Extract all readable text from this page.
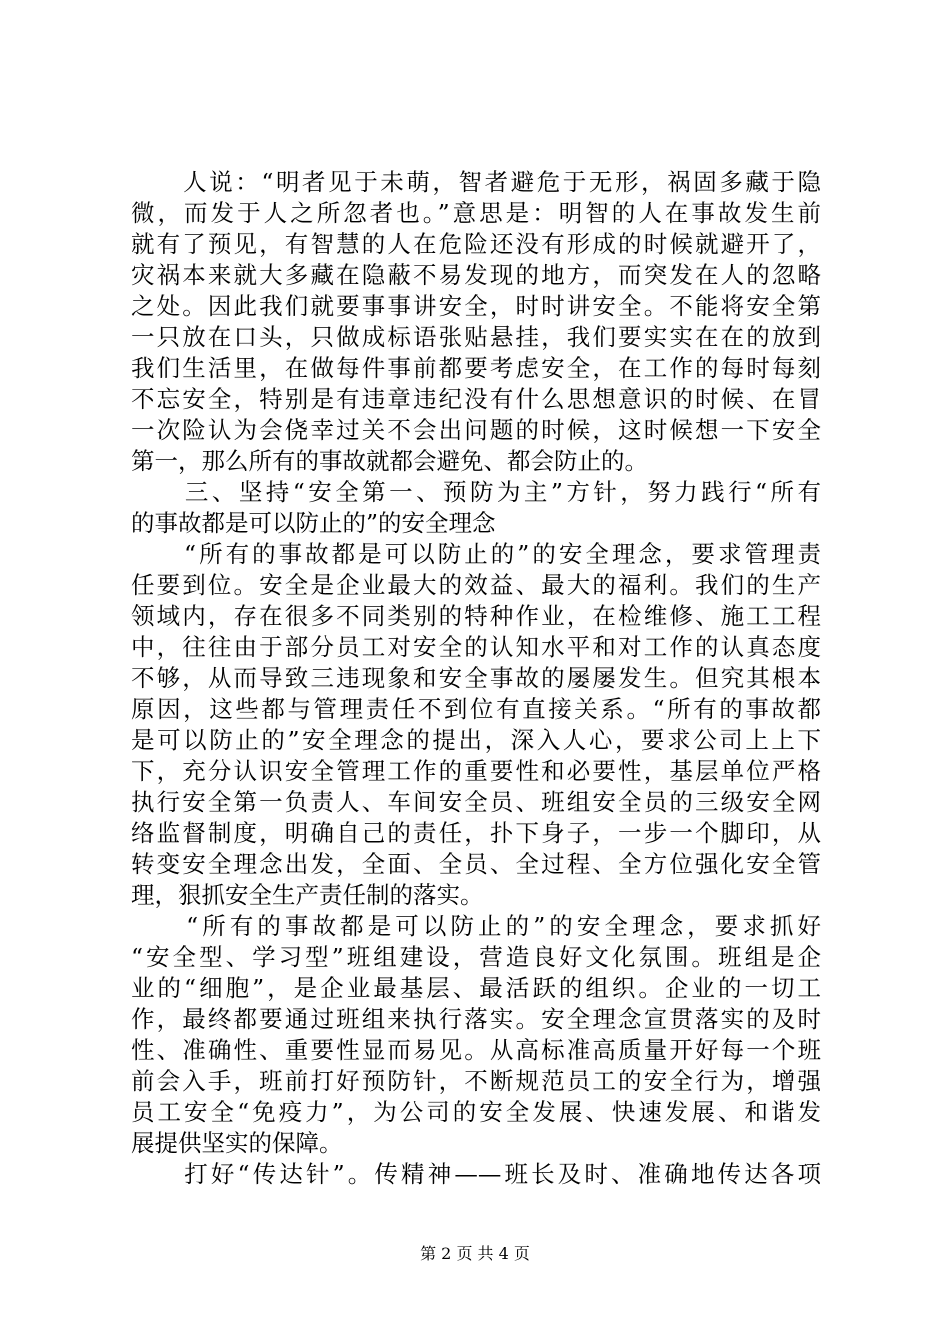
　　人说：“明者见于未萌，智者避危于无形，祸固多藏于隐
微，而发于人之所忽者也。”意思是：明智的人在事故发生前
就有了预见，有智慧的人在危险还没有形成的时候就避开了，
灾祸本来就大多藏在隐蔽不易发现的地方，而突发在人的忽略
之处。因此我们就要事事讲安全，时时讲安全。不能将安全第
一只放在口头，只做成标语张贴悬挂，我们要实实在在的放到
我们生活里，在做每件事前都要考虑安全，在工作的每时每刻
不忘安全，特别是有违章违纪没有什么思想意识的时候、在冒
一次险认为会侥幸过关不会出问题的时候，这时候想一下安全
第一，那么所有的事故就都会避免、都会防止的。
　　三、坚持“安全第一、预防为主”方针，努力践行“所有
的事故都是可以防止的”的安全理念
　　“所有的事故都是可以防止的”的安全理念，要求管理责
任要到位。安全是企业最大的效益、最大的福利。我们的生产
领域内，存在很多不同类别的特种作业，在检维修、施工工程
中，往往由于部分员工对安全的认知水平和对工作的认真态度
不够，从而导致三违现象和安全事故的屡屡发生。但究其根本
原因，这些都与管理责任不到位有直接关系。“所有的事故都
是可以防止的”安全理念的提出，深入人心，要求公司上上下
下，充分认识安全管理工作的重要性和必要性，基层单位严格
执行安全第一负责人、车间安全员、班组安全员的三级安全网
络监督制度，明确自己的责任，扑下身子，一步一个脚印，从
转变安全理念出发，全面、全员、全过程、全方位强化安全管
理，狠抓安全生产责任制的落实。
　　“所有的事故都是可以防止的”的安全理念，要求抓好
“安全型、学习型”班组建设，营造良好文化氛围。班组是企
业的“细胞”，是企业最基层、最活跃的组织。企业的一切工
作，最终都要通过班组来执行落实。安全理念宣贯落实的及时
性、准确性、重要性显而易见。从高标准高质量开好每一个班
前会入手，班前打好预防针，不断规范员工的安全行为，增强
员工安全“免疫力”，为公司的安全发展、快速发展、和谐发
展提供坚实的保障。
　　打好“传达针”。传精神——班长及时、准确地传达各项
第 2 页 共 4 页
